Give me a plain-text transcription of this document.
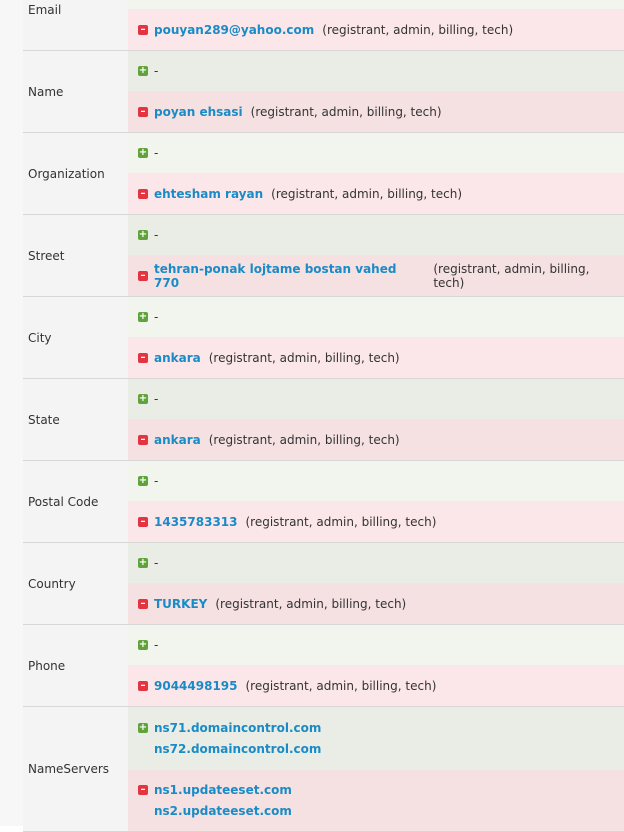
Email
– pouyan289@yahoo.com (registrant, admin, billing, tech)
Name
+ -
– poyan ehsasi (registrant, admin, billing, tech)
Organization
+ -
– ehtesham rayan (registrant, admin, billing, tech)
Street
+ -
– tehran-ponak lojtame bostan vahed 770
(registrant, admin, billing, tech)
City
+ -
– ankara (registrant, admin, billing, tech)
State
+ -
– ankara (registrant, admin, billing, tech)
Postal Code
+ -
– 1435783313 (registrant, admin, billing, tech)
Country
+ -
– TURKEY (registrant, admin, billing, tech)
Phone
+ -
– 9044498195 (registrant, admin, billing, tech)
NameServers
+ ns71.domaincontrol.com
ns72.domaincontrol.com
– ns1.updateeset.com
ns2.updateeset.com
